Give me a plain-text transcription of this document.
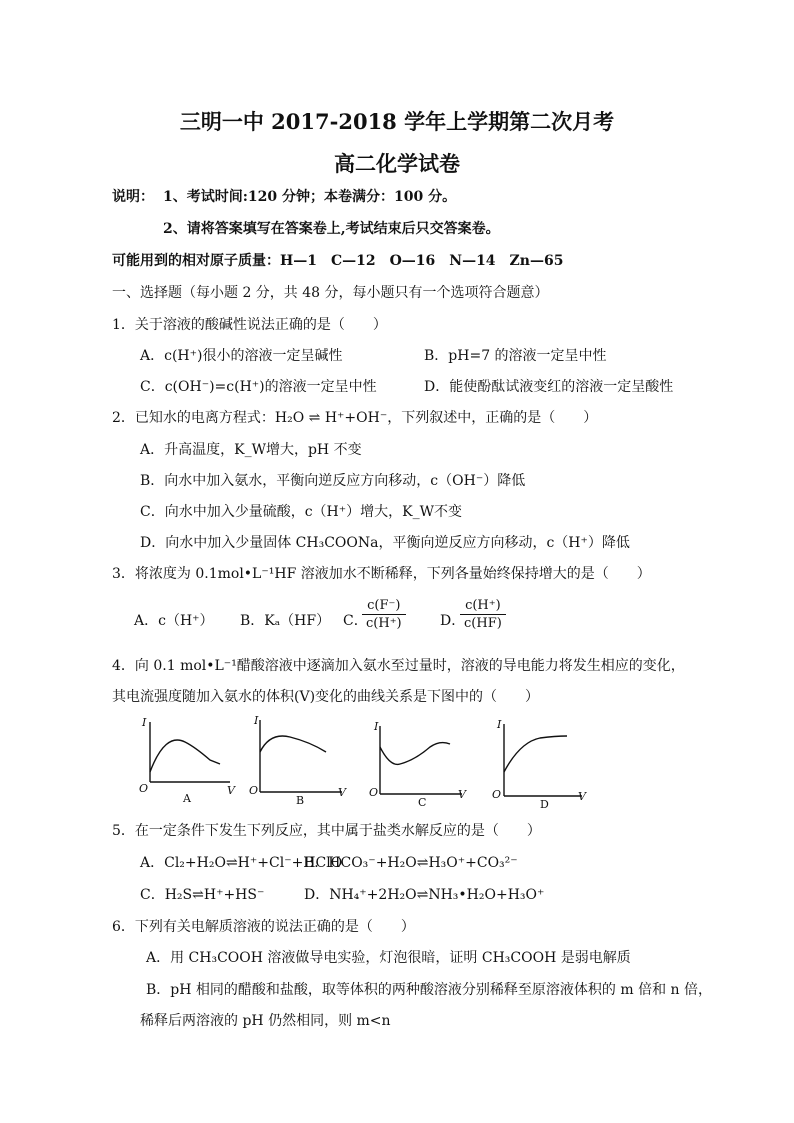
三明一中 2017-2018 学年上学期第二次月考
高二化学试卷
说明： 1、考试时间:120 分钟；本卷满分：100 分。
2、请将答案填写在答案卷上,考试结束后只交答案卷。
可能用到的相对原子质量：H—1　C—12　O—16　N—14　Zn—65
一、选择题（每小题 2 分，共 48 分，每小题只有一个选项符合题意）
1．关于溶液的酸碱性说法正确的是（　　）
A．c(H⁺)很小的溶液一定呈碱性	B．pH=7 的溶液一定呈中性
C．c(OH⁻)=c(H⁺)的溶液一定呈中性	D．能使酚酞试液变红的溶液一定呈酸性
2．已知水的电离方程式：H₂O ⇌ H⁺+OH⁻，下列叙述中，正确的是（　　）
A．升高温度，K_W增大，pH 不变
B．向水中加入氨水，平衡向逆反应方向移动，c（OH⁻）降低
C．向水中加入少量硫酸，c（H⁺）增大，K_W不变
D．向水中加入少量固体 CH₃COONa，平衡向逆反应方向移动，c（H⁺）降低
3．将浓度为 0.1mol•L⁻¹HF 溶液加水不断稀释，下列各量始终保持增大的是（　　）
A．c（H⁺） B．Kₐ（HF） C．
c(F⁻)
c(H⁺)	D．
c(H⁺)
c(HF)
4．向 0.1 mol•L⁻¹醋酸溶液中逐滴加入氨水至过量时，溶液的导电能力将发生相应的变化，
其电流强度随加入氨水的体积(V)变化的曲线关系是下图中的（　　）
I
O	V
I
O	V
I
O	V
I
O	V
A	B	C	D
5．在一定条件下发生下列反应，其中属于盐类水解反应的是（　　）
A．Cl₂+H₂O⇌H⁺+Cl⁻+HClO
B．HCO₃⁻+H₂O⇌H₃O⁺+CO₃²⁻
C．H₂S⇌H⁺+HS⁻	D．NH₄⁺+2H₂O⇌NH₃•H₂O+H₃O⁺
6．下列有关电解质溶液的说法正确的是（　　）
A．用 CH₃COOH 溶液做导电实验，灯泡很暗，证明 CH₃COOH 是弱电解质
B．pH 相同的醋酸和盐酸，取等体积的两种酸溶液分别稀释至原溶液体积的 m 倍和 n 倍，
稀释后两溶液的 pH 仍然相同，则 m<n
